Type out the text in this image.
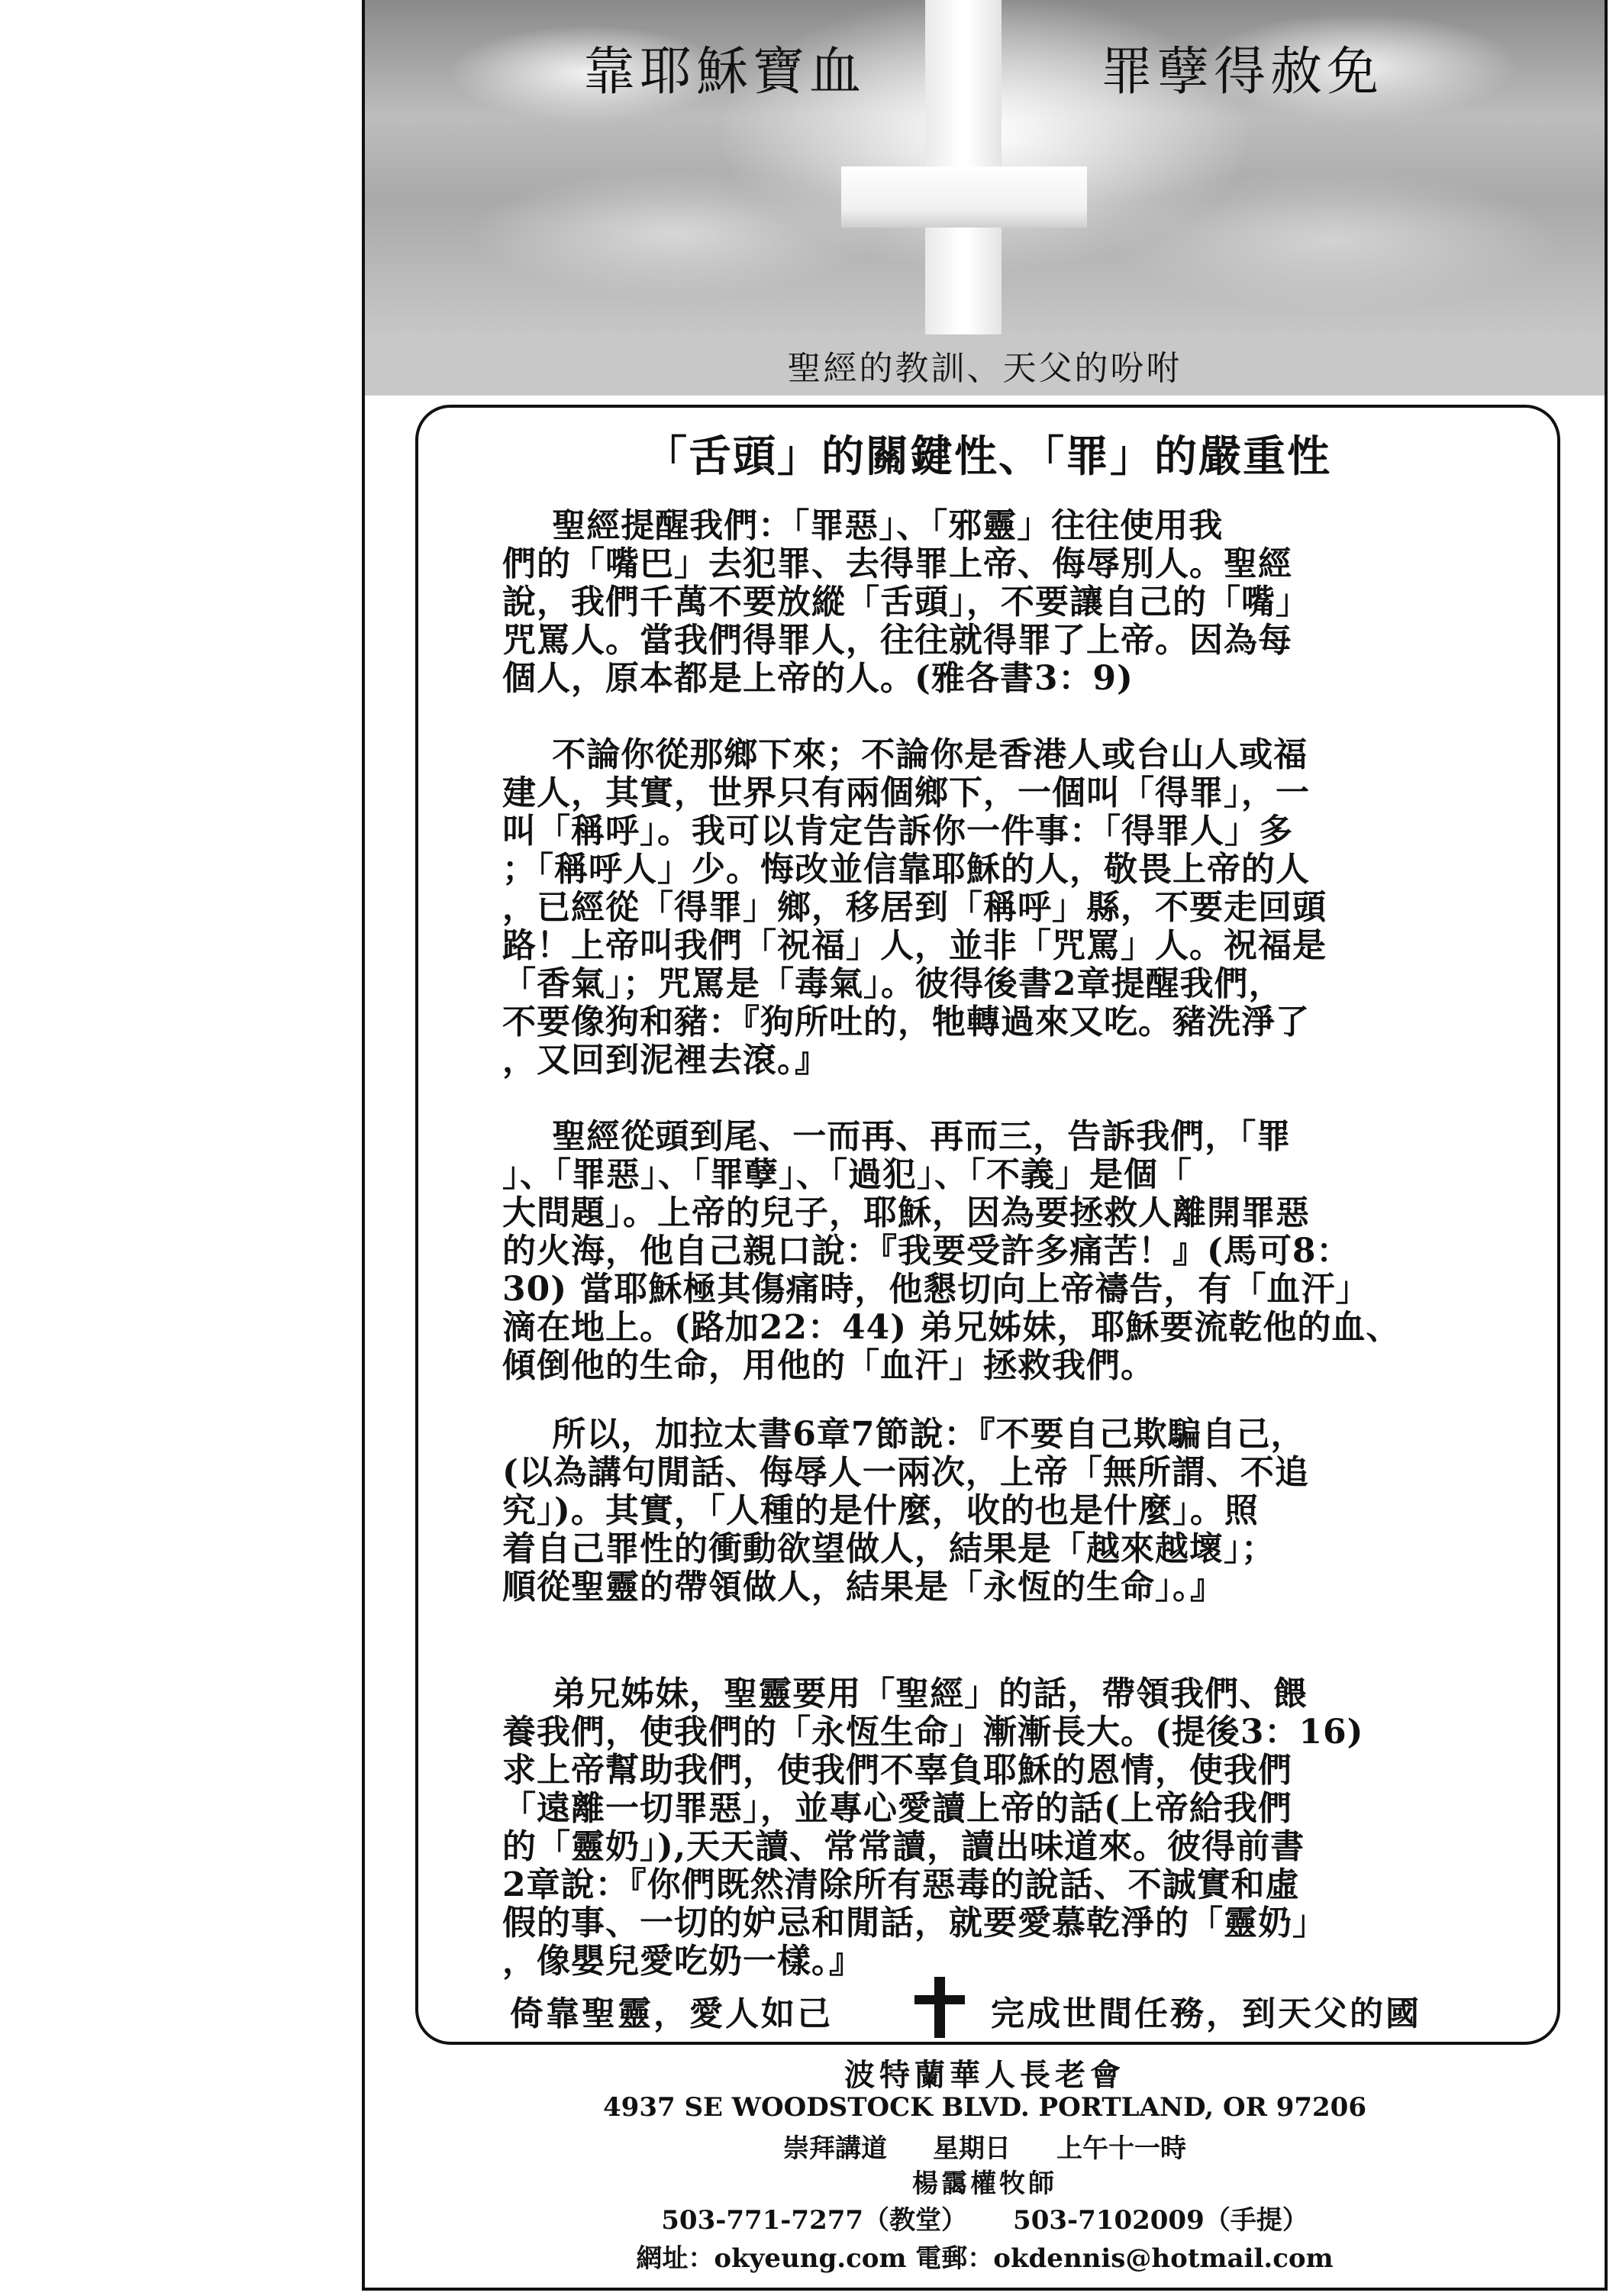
靠耶穌寶血	罪孽得赦免
聖經的教訓、天父的吩咐
「舌頭」的關鍵性、「罪」的嚴重性
聖經提醒我們：「罪惡」、「邪靈」往往使用我
們的「嘴巴」去犯罪、去得罪上帝、侮辱別人。聖經
說，我們千萬不要放縱「舌頭」，不要讓自己的「嘴」
咒罵人。當我們得罪人，往往就得罪了上帝。因為每
個人，原本都是上帝的人。(雅各書3：9)
不論你從那鄉下來；不論你是香港人或台山人或福
建人，其實，世界只有兩個鄉下，一個叫「得罪」，一
叫「稱呼」。我可以肯定告訴你一件事：「得罪人」多
；「稱呼人」少。悔改並信靠耶穌的人，敬畏上帝的人
，已經從「得罪」鄉，移居到「稱呼」縣，不要走回頭
路！上帝叫我們「祝福」人，並非「咒罵」人。祝福是
「香氣」；咒罵是「毒氣」。彼得後書2章提醒我們，
不要像狗和豬：『狗所吐的，牠轉過來又吃。豬洗淨了
，又回到泥裡去滾。』
聖經從頭到尾、一而再、再而三，告訴我們，「罪
」、「罪惡」、「罪孽」、「過犯」、「不義」是個「
大問題」。上帝的兒子，耶穌，因為要拯救人離開罪惡
的火海，他自己親口說：『我要受許多痛苦！』(馬可8：
30) 當耶穌極其傷痛時，他懇切向上帝禱告，有「血汗」
滴在地上。(路加22：44) 弟兄姊妹，耶穌要流乾他的血、
傾倒他的生命，用他的「血汗」拯救我們。
所以，加拉太書6章7節說：『不要自己欺騙自己，
(以為講句閒話、侮辱人一兩次，上帝「無所謂、不追
究」)。其實，「人種的是什麼，收的也是什麼」。照
着自己罪性的衝動欲望做人，結果是「越來越壞」；
順從聖靈的帶領做人，結果是「永恆的生命」。』
弟兄姊妹，聖靈要用「聖經」的話，帶領我們、餵
養我們，使我們的「永恆生命」漸漸長大。(提後3：16)
求上帝幫助我們，使我們不辜負耶穌的恩情，使我們
「遠離一切罪惡」，並專心愛讀上帝的話(上帝給我們
的「靈奶」),天天讀、常常讀，讀出味道來。彼得前書
2章說：『你們既然清除所有惡毒的說話、不誠實和虛
假的事、一切的妒忌和閒話，就要愛慕乾淨的「靈奶」
，像嬰兒愛吃奶一樣。』
倚靠聖靈，愛人如己	完成世間任務，到天父的國
波特蘭華人長老會
4937 SE WOODSTOCK BLVD. PORTLAND, OR 97206
崇拜講道 星期日 上午十一時
楊靄權牧師
503-771-7277（教堂） 503-7102009（手提）
網址：okyeung.com 電郵：okdennis@hotmail.com
